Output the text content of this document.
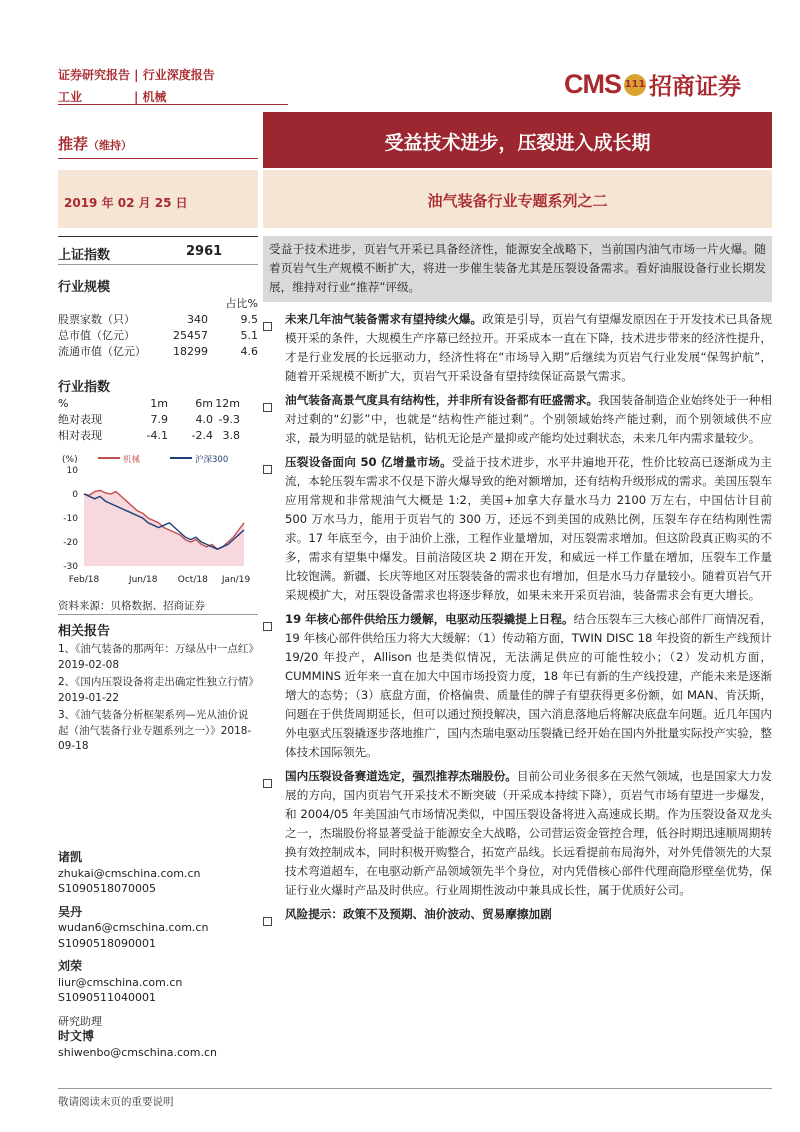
证券研究报告 | 行业深度报告
工业	| 机械	CMS 111 招商证券
推荐（维持）	受益技术进步，压裂进入成长期
2019 年 02 月 25 日	油气装备行业专题系列之二
上证指数	2961
行业规模
占比%
股票家数（只）	340	9.5
总市值（亿元）	25457	5.1
流通市值（亿元）	18299	4.6
行业指数
%	1m	6m 12m
绝对表现	7.9	4.0 -9.3
相对表现	-4.1	-2.4 3.8
(%)	机械	沪深300
10
0
-10
-20
-30
Feb/18	Jun/18 Oct/18 Jan/19
资料来源：贝格数据、招商证券
相关报告
1、《油气装备的那两年：万绿丛中一点红》2019-02-08
2、《国内压裂设备将走出确定性独立行情》2019-01-22
3、《油气装备分析框架系列—光从油价说起（油气装备行业专题系列之一）》2018-09-18
诸凯
zhukai@cmschina.com.cn
S1090518070005
吴丹
wudan6@cmschina.com.cn
S1090518090001
刘荣
liur@cmschina.com.cn
S1090511040001
研究助理
时文博
shiwenbo@cmschina.com.cn
受益于技术进步，页岩气开采已具备经济性，能源安全战略下，当前国内油气市场一片火爆。随着页岩气生产规模不断扩大，将进一步催生装备尤其是压裂设备需求。看好油服设备行业长期发展，维持对行业“推荐”评级。
未来几年油气装备需求有望持续火爆。政策是引导，页岩气有望爆发原因在于开发技术已具备规模开采的条件，大规模生产序幕已经拉开。开采成本一直在下降，技术进步带来的经济性提升，才是行业发展的长远驱动力，经济性将在“市场导入期”后继续为页岩气行业发展“保驾护航”，随着开采规模不断扩大，页岩气开采设备有望持续保证高景气需求。
油气装备高景气度具有结构性，并非所有设备都有旺盛需求。我国装备制造企业始终处于一种相对过剩的“幻影”中，也就是“结构性产能过剩”。个别领域始终产能过剩，而个别领域供不应求，最为明显的就是钻机，钻机无论是产量抑或产能均处过剩状态，未来几年内需求量较少。
压裂设备面向 50 亿增量市场。受益于技术进步，水平井遍地开花，性价比较高已逐渐成为主流，本轮压裂车需求不仅是下游火爆导致的绝对额增加，还有结构升级形成的需求。美国压裂车应用常规和非常规油气大概是 1:2，美国+加拿大存量水马力 2100 万左右，中国估计目前 500 万水马力，能用于页岩气的 300 万，还远不到美国的成熟比例，压裂车存在结构刚性需求。17 年底至今，由于油价上涨，工程作业量增加，对压裂需求增加。但这阶段真正购买的不多，需求有望集中爆发。目前涪陵区块 2 期在开发，和威远一样工作量在增加，压裂车工作量比较饱满。新疆、长庆等地区对压裂装备的需求也有增加，但是水马力存量较小。随着页岩气开采规模扩大，对压裂设备需求也将逐步释放，如果未来开采页岩油，装备需求会有更大增长。
19 年核心部件供给压力缓解，电驱动压裂撬提上日程。结合压裂车三大核心部件厂商情况看，19 年核心部件供给压力将大大缓解：（1）传动箱方面，TWIN DISC 18 年投资的新生产线预计 19/20 年投产，Allison 也是类似情况，无法满足供应的可能性较小；（2）发动机方面，CUMMINS 近年来一直在加大中国市场投资力度，18 年已有新的生产线投建，产能未来是逐渐增大的态势；（3）底盘方面，价格偏贵、质量佳的牌子有望获得更多份额，如 MAN、肯沃斯，问题在于供货周期延长，但可以通过预投解决，国六消息落地后将解决底盘车问题。近几年国内外电驱式压裂撬逐步落地推广，国内杰瑞电驱动压裂撬已经开始在国内外批量实际投产实验，整体技术国际领先。
国内压裂设备赛道选定，强烈推荐杰瑞股份。目前公司业务很多在天然气领域，也是国家大力发展的方向，国内页岩气开采技术不断突破（开采成本持续下降），页岩气市场有望进一步爆发，和 2004/05 年美国油气市场情况类似，中国压裂设备将进入高速成长期。作为压裂设备双龙头之一，杰瑞股份将显著受益于能源安全大战略，公司营运资金管控合理，低谷时期迅速顺周期转换有效控制成本，同时积极开购整合，拓宽产品线。长远看提前布局海外，对外凭借领先的大泵技术弯道超车，在电驱动新产品领域领先半个身位，对内凭借核心部件代理商隐形壁垒优势，保证行业火爆时产品及时供应。行业周期性波动中兼具成长性，属于优质好公司。
风险提示：政策不及预期、油价波动、贸易摩擦加剧
敬请阅读末页的重要说明
